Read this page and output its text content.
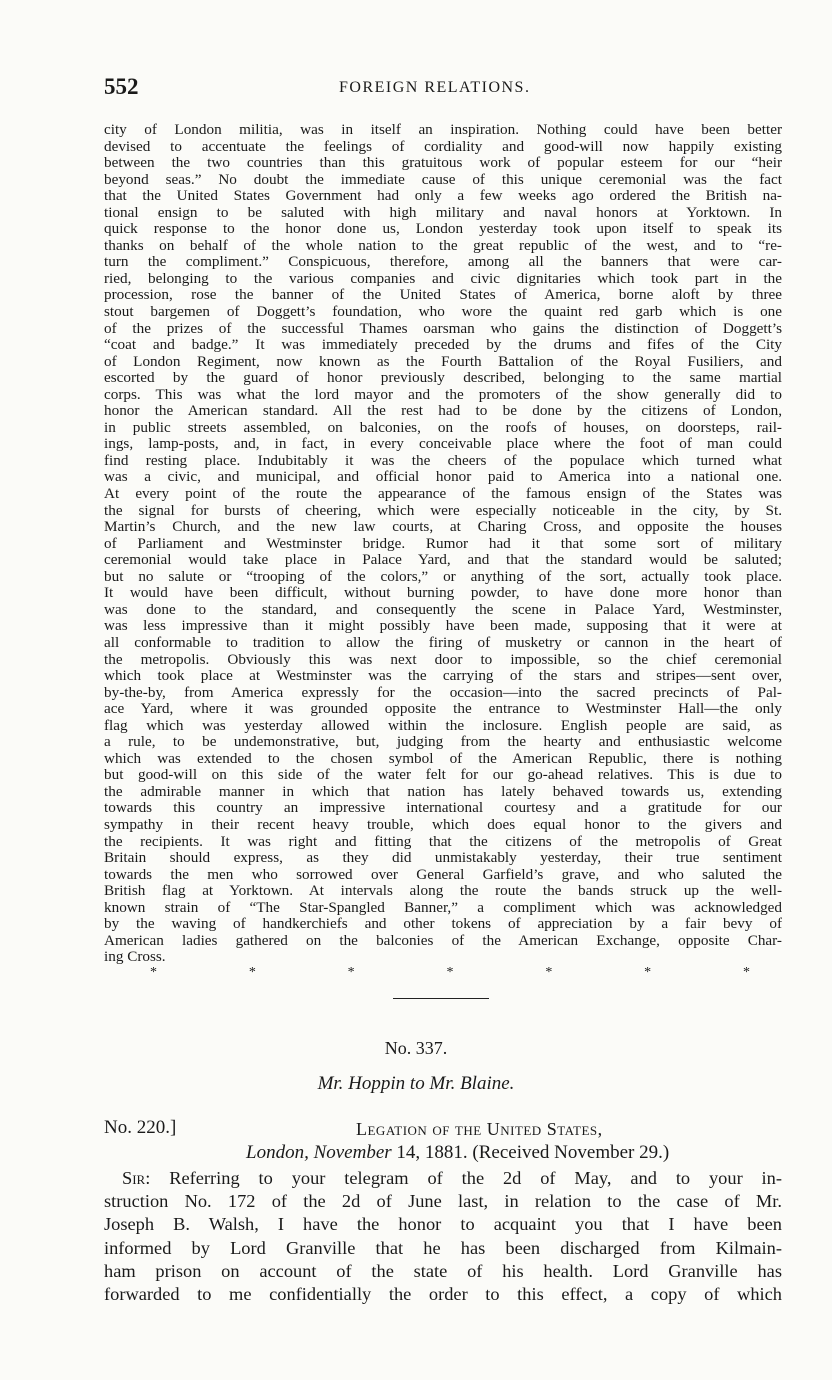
552	FOREIGN RELATIONS.
city of London militia, was in itself an inspiration. Nothing could have been better
devised to accentuate the feelings of cordiality and good-will now happily existing
between the two countries than this gratuitous work of popular esteem for our “heir
beyond seas.” No doubt the immediate cause of this unique ceremonial was the fact
that the United States Government had only a few weeks ago ordered the British na-
tional ensign to be saluted with high military and naval honors at Yorktown. In
quick response to the honor done us, London yesterday took upon itself to speak its
thanks on behalf of the whole nation to the great republic of the west, and to “re-
turn the compliment.” Conspicuous, therefore, among all the banners that were car-
ried, belonging to the various companies and civic dignitaries which took part in the
procession, rose the banner of the United States of America, borne aloft by three
stout bargemen of Doggett’s foundation, who wore the quaint red garb which is one
of the prizes of the successful Thames oarsman who gains the distinction of Doggett’s
“coat and badge.” It was immediately preceded by the drums and fifes of the City
of London Regiment, now known as the Fourth Battalion of the Royal Fusiliers, and
escorted by the guard of honor previously described, belonging to the same martial
corps. This was what the lord mayor and the promoters of the show generally did to
honor the American standard. All the rest had to be done by the citizens of London,
in public streets assembled, on balconies, on the roofs of houses, on doorsteps, rail-
ings, lamp-posts, and, in fact, in every conceivable place where the foot of man could
find resting place. Indubitably it was the cheers of the populace which turned what
was a civic, and municipal, and official honor paid to America into a national one.
At every point of the route the appearance of the famous ensign of the States was
the signal for bursts of cheering, which were especially noticeable in the city, by St.
Martin’s Church, and the new law courts, at Charing Cross, and opposite the houses
of Parliament and Westminster bridge. Rumor had it that some sort of military
ceremonial would take place in Palace Yard, and that the standard would be saluted;
but no salute or “trooping of the colors,” or anything of the sort, actually took place.
It would have been difficult, without burning powder, to have done more honor than
was done to the standard, and consequently the scene in Palace Yard, Westminster,
was less impressive than it might possibly have been made, supposing that it were at
all conformable to tradition to allow the firing of musketry or cannon in the heart of
the metropolis. Obviously this was next door to impossible, so the chief ceremonial
which took place at Westminster was the carrying of the stars and stripes—sent over,
by-the-by, from America expressly for the occasion—into the sacred precincts of Pal-
ace Yard, where it was grounded opposite the entrance to Westminster Hall—the only
flag which was yesterday allowed within the inclosure. English people are said, as
a rule, to be undemonstrative, but, judging from the hearty and enthusiastic welcome
which was extended to the chosen symbol of the American Republic, there is nothing
but good-will on this side of the water felt for our go-ahead relatives. This is due to
the admirable manner in which that nation has lately behaved towards us, extending
towards this country an impressive international courtesy and a gratitude for our
sympathy in their recent heavy trouble, which does equal honor to the givers and
the recipients. It was right and fitting that the citizens of the metropolis of Great
Britain should express, as they did unmistakably yesterday, their true sentiment
towards the men who sorrowed over General Garfield’s grave, and who saluted the
British flag at Yorktown. At intervals along the route the bands struck up the well-
known strain of “The Star-Spangled Banner,” a compliment which was acknowledged
by the waving of handkerchiefs and other tokens of appreciation by a fair bevy of
American ladies gathered on the balconies of the American Exchange, opposite Char-
ing Cross.
*	*	*	*	*	*	*
No. 337.
Mr. Hoppin to Mr. Blaine.
No. 220.]	Legation of the United States,
London, November 14, 1881. (Received November 29.)
Sir: Referring to your telegram of the 2d of May, and to your in-
struction No. 172 of the 2d of June last, in relation to the case of Mr.
Joseph B. Walsh, I have the honor to acquaint you that I have been
informed by Lord Granville that he has been discharged from Kilmain-
ham prison on account of the state of his health. Lord Granville has
forwarded to me confidentially the order to this effect, a copy of which
